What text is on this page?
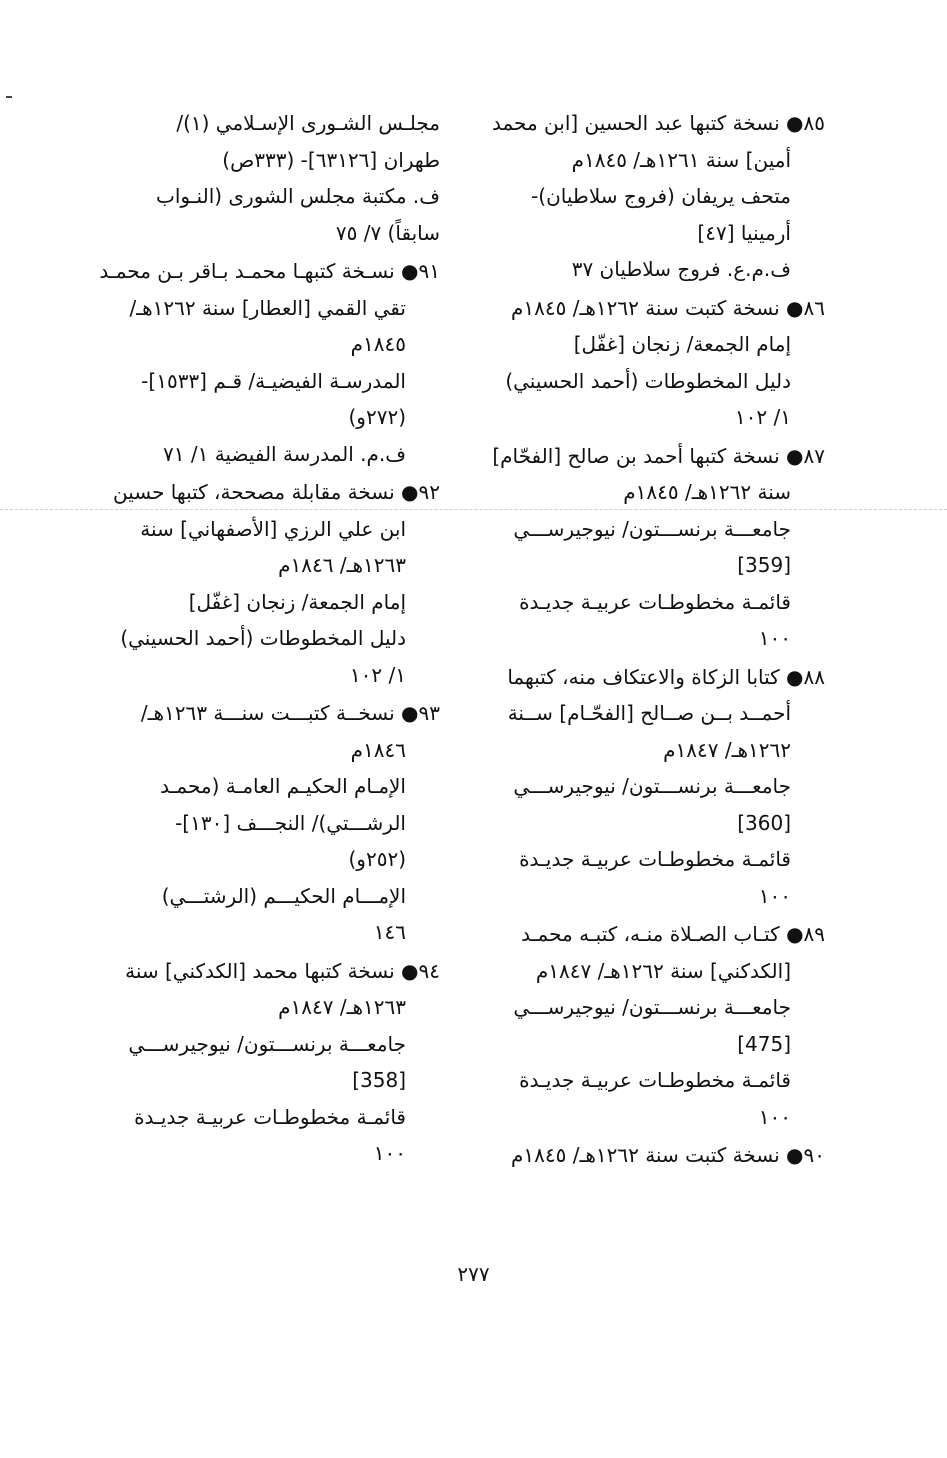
٨٥● نسخة كتبها عبد الحسين [ابن محمد
أمين] سنة ١٢٦١هـ/ ١٨٤٥م
متحف يريفان (فروج سلاطيان)-
أرمينيا [٤٧]
ف.م.ع. فروج سلاطيان ٣٧
٨٦● نسخة كتبت سنة ١٢٦٢هـ/ ١٨٤٥م
إمام الجمعة/ زنجان [غفّل]
دليل المخطوطات (أحمد الحسيني)
١/ ١٠٢
٨٧● نسخة كتبها أحمد بن صالح [الفحّام]
سنة ١٢٦٢هـ/ ١٨٤٥م
جامعـــة برنســـتون/ نيوجيرســـي
[359]
قائمـة مخطوطـات عربيـة جديـدة
١٠٠
٨٨● كتابا الزكاة والاعتكاف منه، كتبهما
أحمــد بــن صــالح [الفحّـام] ســنة
١٢٦٢هـ/ ١٨٤٧م
جامعـــة برنســـتون/ نيوجيرســـي
[360]
قائمـة مخطوطـات عربيـة جديـدة
١٠٠
٨٩● كتـاب الصـلاة منـه، كتبـه محمـد
[الكدكني] سنة ١٢٦٢هـ/ ١٨٤٧م
جامعـــة برنســـتون/ نيوجيرســـي
[475]
قائمـة مخطوطـات عربيـة جديـدة
١٠٠
٩٠● نسخة كتبت سنة ١٢٦٢هـ/ ١٨٤٥م
مجلـس الشـورى الإسـلامي (١)/
طهران [٦٣١٢٦]- (٣٣٣ص)
ف. مكتبة مجلس الشورى (النـواب
سابقاً) ٧/ ٧٥
٩١● نسـخة كتبهـا محمـد بـاقر بـن محمـد
تقي القمي [العطار] سنة ١٢٦٢هـ/
١٨٤٥م
المدرسـة الفيضيـة/ قـم [١٥٣٣]-
(٢٧٢و)
ف.م. المدرسة الفيضية ١/ ٧١
٩٢● نسخة مقابلة مصححة، كتبها حسين
ابن علي الرزي [الأصفهاني] سنة
١٢٦٣هـ/ ١٨٤٦م
إمام الجمعة/ زنجان [غفّل]
دليل المخطوطات (أحمد الحسيني)
١/ ١٠٢
٩٣● نسخــة كتبـــت سنـــة ١٢٦٣هـ/
١٨٤٦م
الإمـام الحكيـم العامـة (محمـد
الرشـــتي)/ النجـــف [١٣٠]-
(٢٥٢و)
الإمـــام الحكيـــم (الرشتـــي)
١٤٦
٩٤● نسخة كتبها محمد [الكدكني] سنة
١٢٦٣هـ/ ١٨٤٧م
جامعـــة برنســـتون/ نيوجيرســـي
[358]
قائمـة مخطوطـات عربيـة جديـدة
١٠٠
٢٧٧
